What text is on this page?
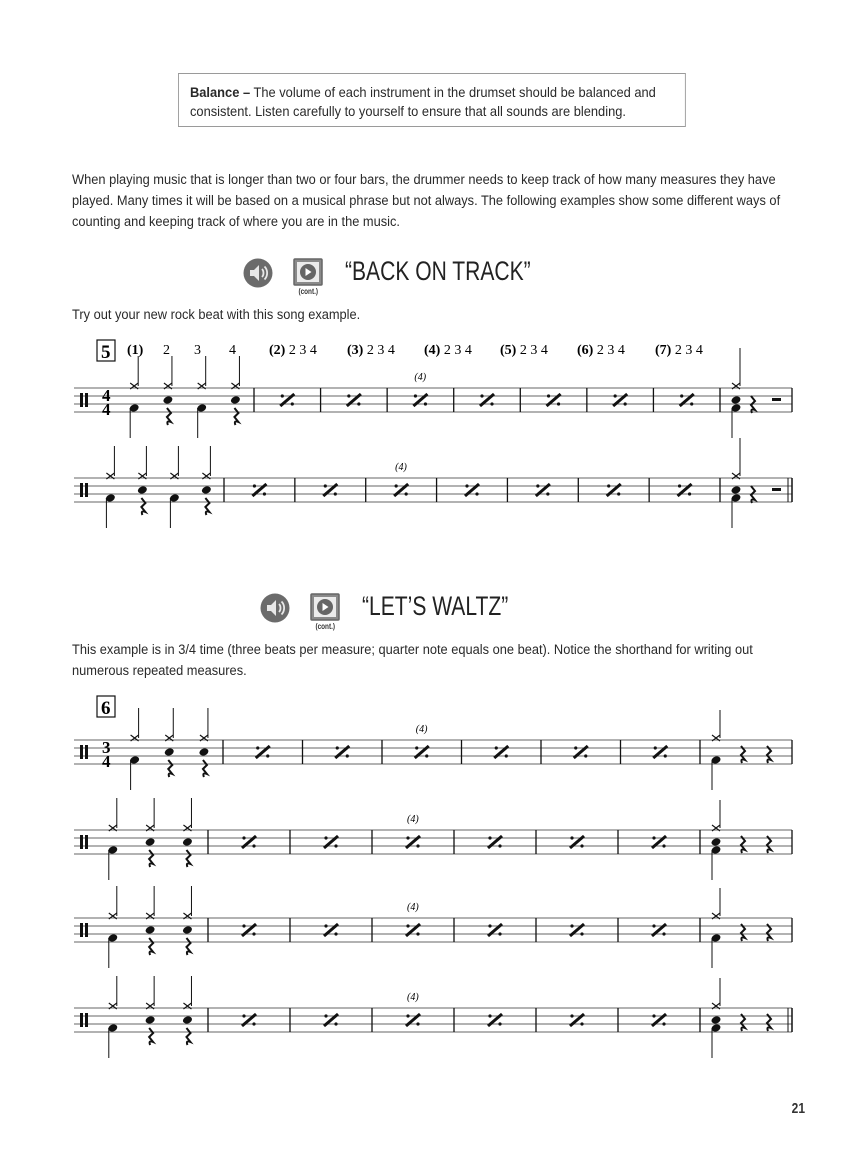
Balance – The volume of each instrument in the drumset should be balanced and consistent. Listen carefully to yourself to ensure that all sounds are blending.
When playing music that is longer than two or four bars, the drummer needs to keep track of how many measures they have played. Many times it will be based on a musical phrase but not always. The following examples show some different ways of counting and keeping track of where you are in the music.
(cont.)
“BACK ON TRACK”
Try out your new rock beat with this song example.
(cont.)
“LET’S WALTZ”
This example is in 3/4 time (three beats per measure; quarter note equals one beat). Notice the shorthand for writing out numerous repeated measures.
5 (1) 2 3 4 (2) 2 3 4 (3) 2 3 4 (4) 2 3 4 (5) 2 3 4 (6) 2 3 4 (7) 2 3 4
4
4
(4)
(4)
6
3
4
(4)
(4)
(4)
(4)
21
